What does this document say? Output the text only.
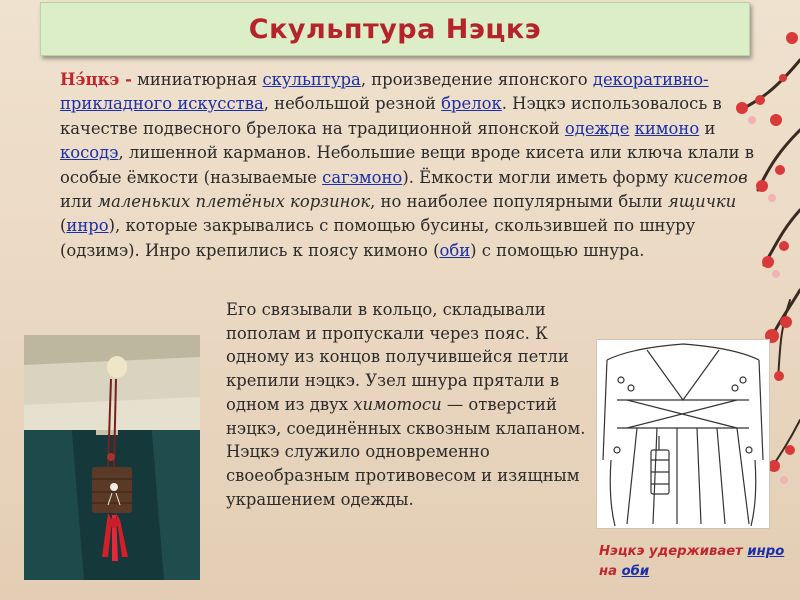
Скульптура Нэцкэ
Нэ́цкэ - миниатюрная скульптура, произведение японского декоративно-прикладного искусства, небольшой резной брелок. Нэцкэ использовалось в качестве подвесного брелока на традиционной японской одежде кимоно и косодэ, лишенной карманов. Небольшие вещи вроде кисета или ключа клали в особые ёмкости (называемые сагэмоно). Ёмкости могли иметь форму кисетов или маленьких плетёных корзинок, но наиболее популярными были ящички (инро), которые закрывались с помощью бусины, скользившей по шнуру (одзимэ). Инро крепились к поясу кимоно (оби) с помощью шнура.
Его связывали в кольцо, складывали пополам и пропускали через пояс. К одному из концов получившейся петли крепили нэцкэ. Узел шнура прятали в одном из двух химотоси — отверстий нэцкэ, соединённых сквозным клапаном. Нэцкэ служило одновременно своеобразным противовесом и изящным украшением одежды.
Нэцкэ удерживает инро на оби
